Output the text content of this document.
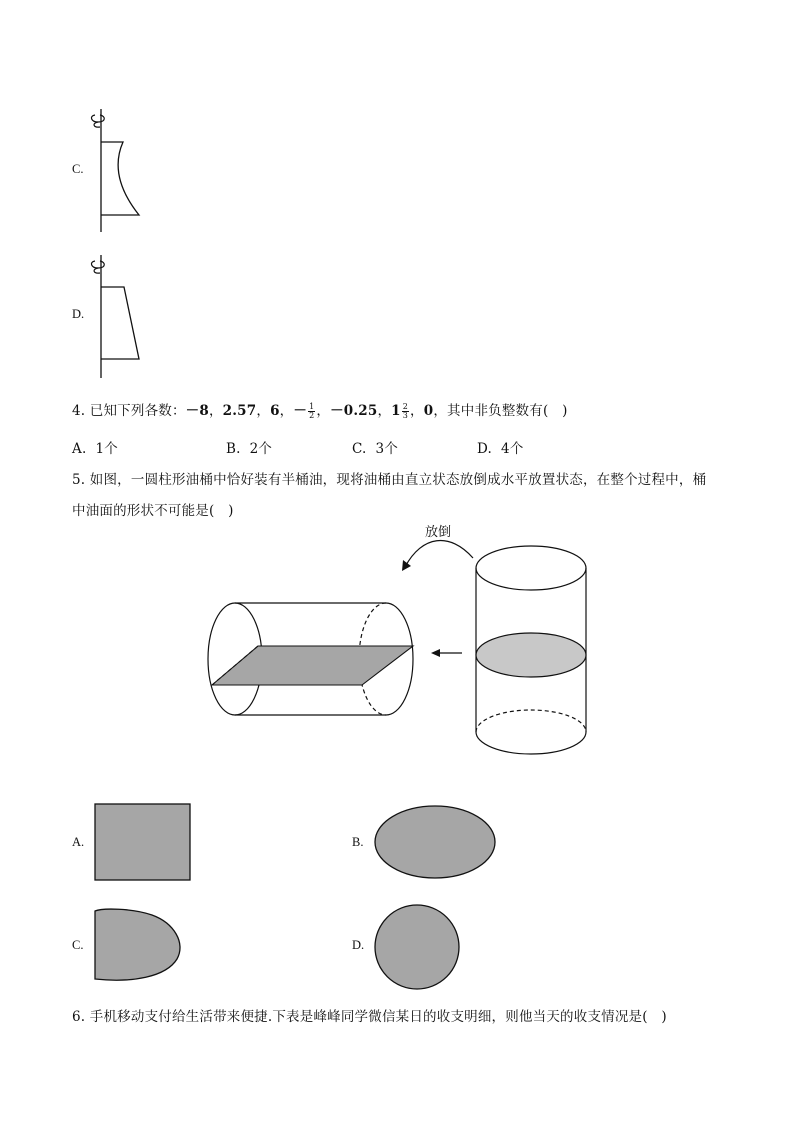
C.
D.
4. 已知下列各数：－8，2.57，6，－ $\frac{1}{2}$ ，－0.25，$1 \frac{2}{3}$ ，0，其中非负整数有(　)
A. 1个	B. 2个	C. 3个	D. 4个
5. 如图，一圆柱形油桶中恰好装有半桶油，现将油桶由直立状态放倒成水平放置状态，在整个过程中，桶
中油面的形状不可能是(　)
放倒
A.	B.
C.	D.
6. 手机移动支付给生活带来便捷.下表是峰峰同学微信某日的收支明细，则他当天的收支情况是(　)
